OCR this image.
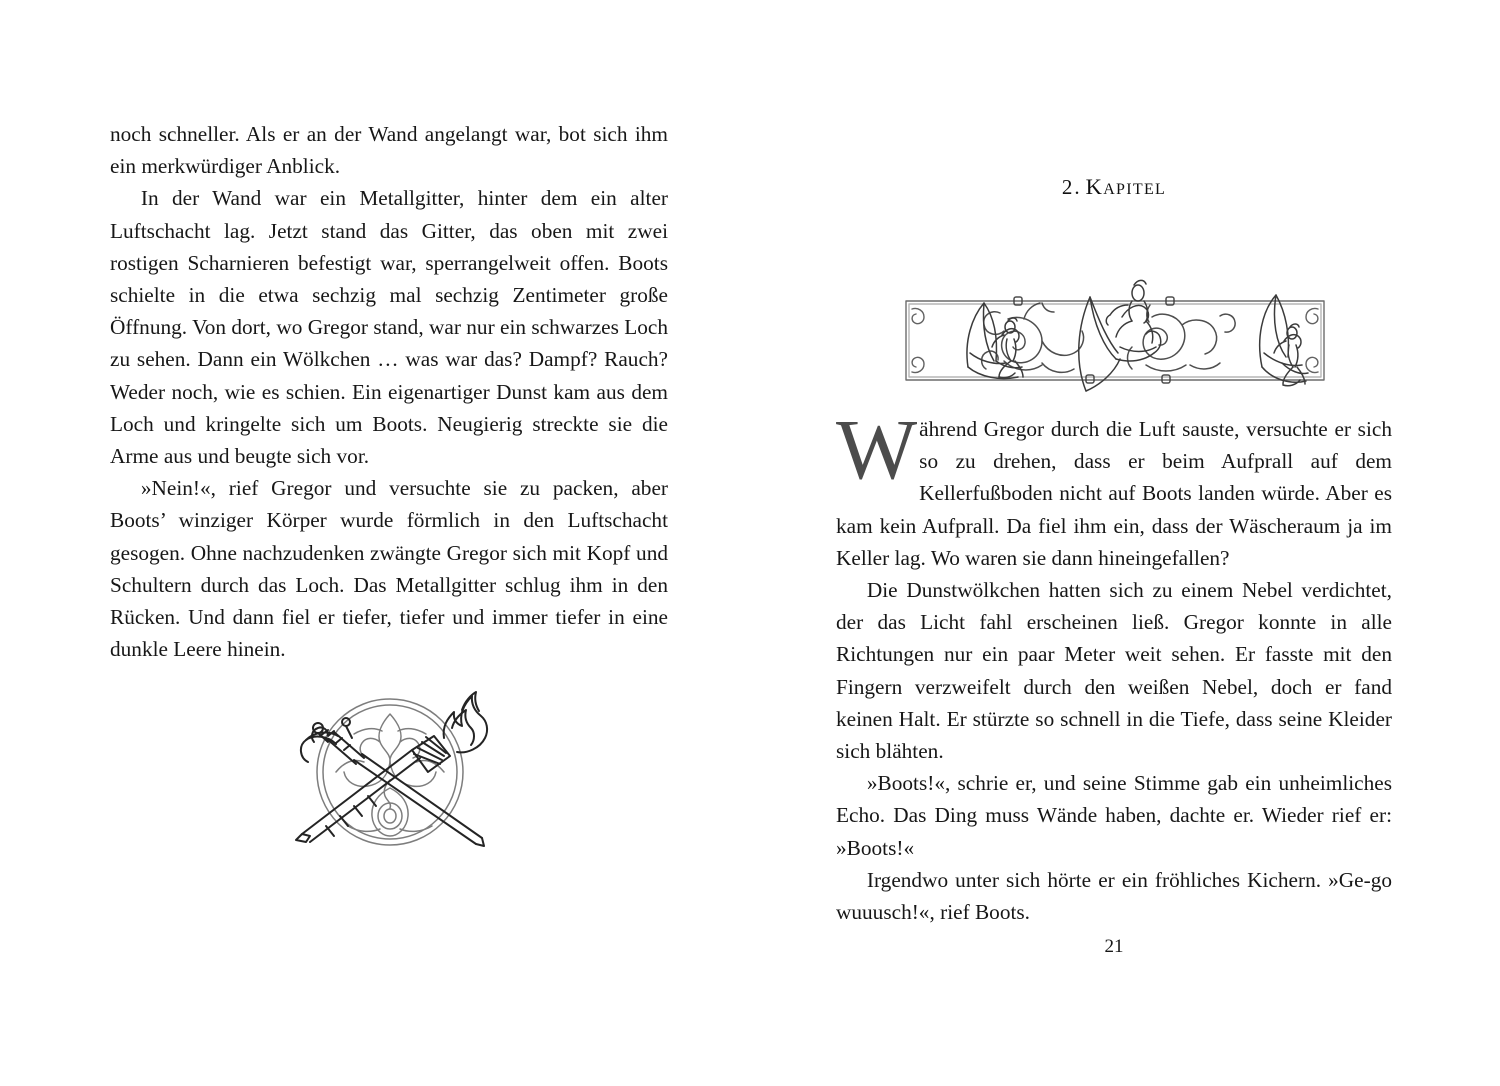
noch schneller. Als er an der Wand angelangt war, bot sich ihm ein merkwürdiger Anblick.

In der Wand war ein Metallgitter, hinter dem ein alter Luftschacht lag. Jetzt stand das Gitter, das oben mit zwei rostigen Scharnieren befestigt war, sperrangelweit offen. Boots schielte in die etwa sechzig mal sechzig Zentimeter große Öffnung. Von dort, wo Gregor stand, war nur ein schwarzes Loch zu sehen. Dann ein Wölkchen … was war das? Dampf? Rauch? Weder noch, wie es schien. Ein eigenartiger Dunst kam aus dem Loch und kringelte sich um Boots. Neugierig streckte sie die Arme aus und beugte sich vor.

»Nein!«, rief Gregor und versuchte sie zu packen, aber Boots’ winziger Körper wurde förmlich in den Luftschacht gesogen. Ohne nachzudenken zwängte Gregor sich mit Kopf und Schultern durch das Loch. Das Metallgitter schlug ihm in den Rücken. Und dann fiel er tiefer, tiefer und immer tiefer in eine dunkle Leere hinein.

2. Kapitel

Während Gregor durch die Luft sauste, versuchte er sich so zu drehen, dass er beim Aufprall auf dem Kellerfußboden nicht auf Boots landen würde. Aber es kam kein Aufprall. Da fiel ihm ein, dass der Wäscheraum ja im Keller lag. Wo waren sie dann hineingefallen?

Die Dunstwölkchen hatten sich zu einem Nebel verdichtet, der das Licht fahl erscheinen ließ. Gregor konnte in alle Richtungen nur ein paar Meter weit sehen. Er fasste mit den Fingern verzweifelt durch den weißen Nebel, doch er fand keinen Halt. Er stürzte so schnell in die Tiefe, dass seine Kleider sich blähten.

»Boots!«, schrie er, und seine Stimme gab ein unheimliches Echo. Das Ding muss Wände haben, dachte er. Wieder rief er: »Boots!«

Irgendwo unter sich hörte er ein fröhliches Kichern. »Ge-go wuuusch!«, rief Boots.

21
